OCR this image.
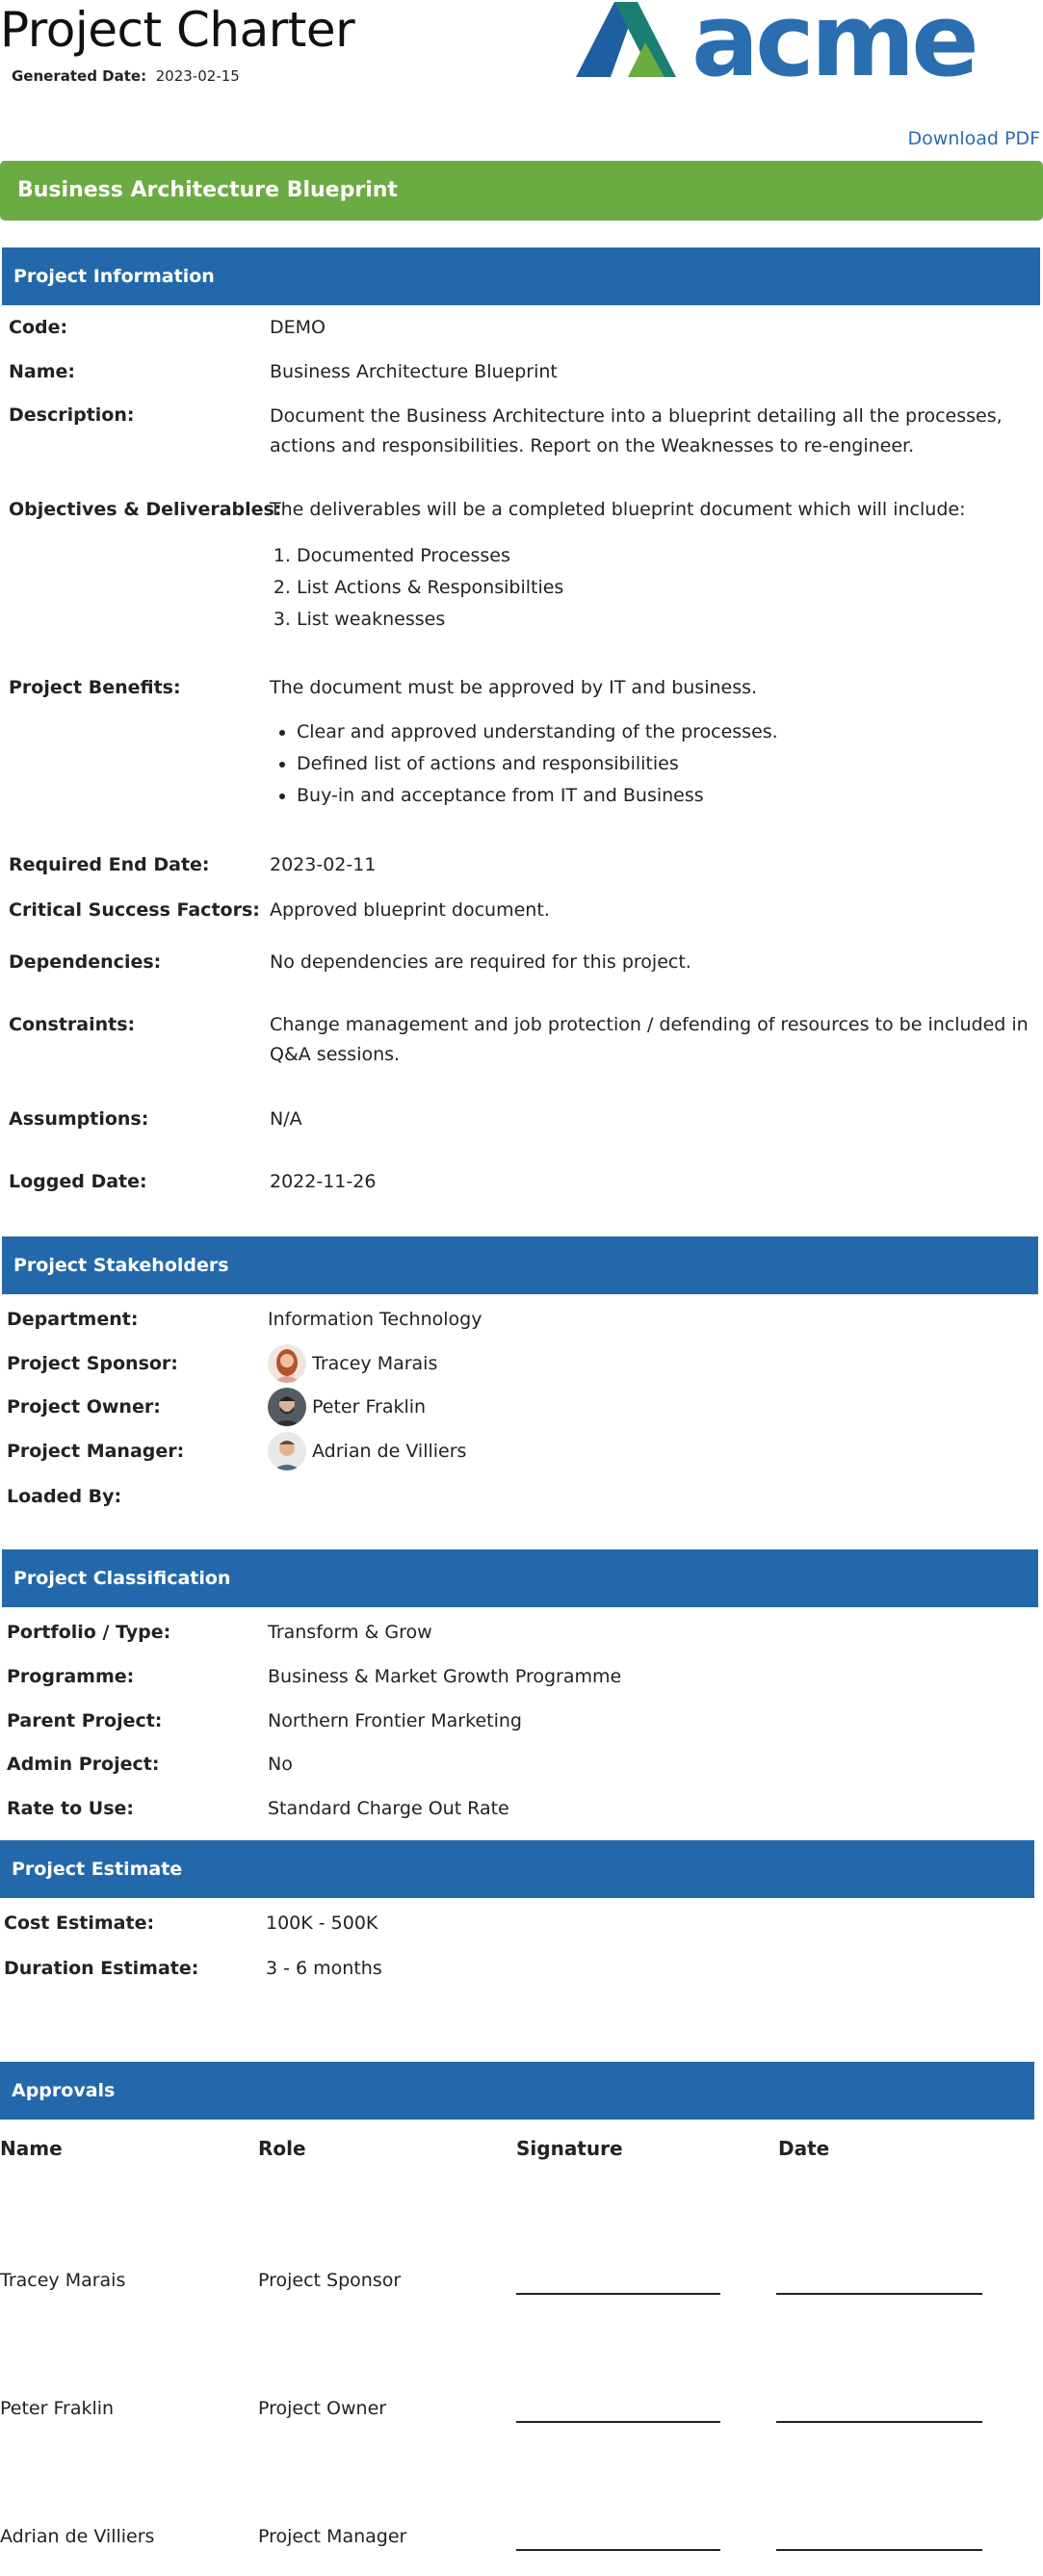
Project Charter
Generated Date: 2023-02-15	acme
Download PDF
Business Architecture Blueprint
Project Information
Code:	DEMO
Name:	Business Architecture Blueprint
Description:	Document the Business Architecture into a blueprint detailing all the processes, actions and responsibilities. Report on the Weaknesses to re-engineer.
Objectives & Deliverables:
The deliverables will be a completed blueprint document which will include:
1. Documented Processes
2. List Actions & Responsibilties
3. List weaknesses
Project Benefits:	The document must be approved by IT and business.
• Clear and approved understanding of the processes.
• Defined list of actions and responsibilities
• Buy-in and acceptance from IT and Business
Required End Date:	2023-02-11
Critical Success Factors: Approved blueprint document.
Dependencies:	No dependencies are required for this project.
Constraints:	Change management and job protection / defending of resources to be included in Q&A sessions.
Assumptions:	N/A
Logged Date:	2022-11-26
Project Stakeholders
Department:	Information Technology
Project Sponsor:	Tracey Marais
Project Owner:	Peter Fraklin
Project Manager:	Adrian de Villiers
Loaded By:
Project Classification
Portfolio / Type:	Transform & Grow
Programme:	Business & Market Growth Programme
Parent Project:	Northern Frontier Marketing
Admin Project:	No
Rate to Use:	Standard Charge Out Rate
Project Estimate
Cost Estimate:	100K - 500K
Duration Estimate:	3 - 6 months
Approvals
Name	Role	Signature	Date
Tracey Marais	Project Sponsor
Peter Fraklin	Project Owner
Adrian de Villiers	Project Manager
